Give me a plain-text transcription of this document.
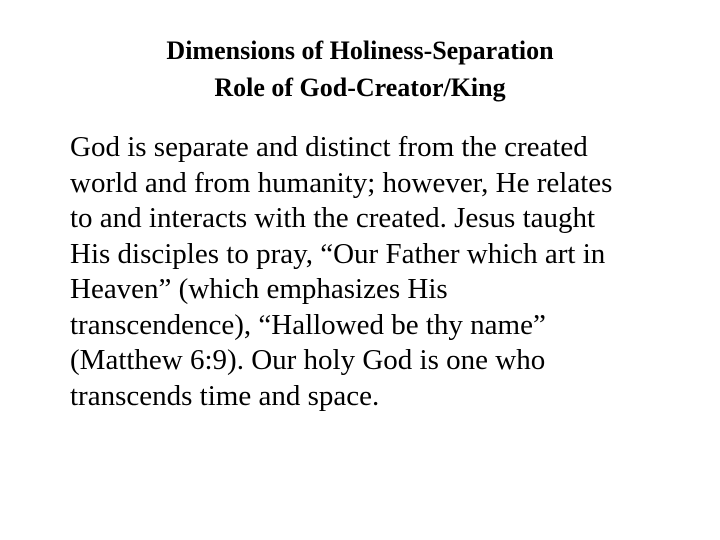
Dimensions of Holiness-Separation
Role of God-Creator/King
God is separate and distinct from the created
world and from humanity; however, He relates
to and interacts with the created. Jesus taught
His disciples to pray, “Our Father which art in
Heaven” (which emphasizes His
transcendence), “Hallowed be thy name”
(Matthew 6:9). Our holy God is one who
transcends time and space.
